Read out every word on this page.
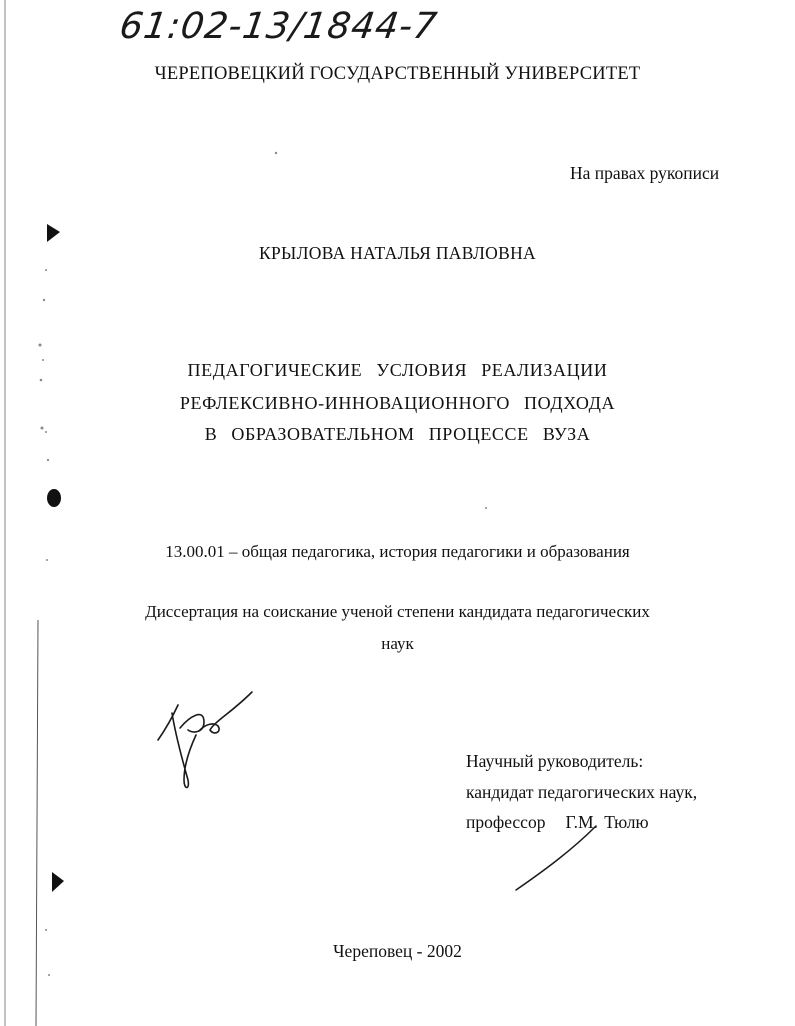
61:02-13/1844-7
ЧЕРЕПОВЕЦКИЙ ГОСУДАРСТВЕННЫЙ УНИВЕРСИТЕТ
На правах рукописи
КРЫЛОВА НАТАЛЬЯ ПАВЛОВНА
ПЕДАГОГИЧЕСКИЕ УСЛОВИЯ РЕАЛИЗАЦИИ
РЕФЛЕКСИВНО-ИННОВАЦИОННОГО ПОДХОДА
В ОБРАЗОВАТЕЛЬНОМ ПРОЦЕССЕ ВУЗА
13.00.01 – общая педагогика, история педагогики и образования
Диссертация на соискание ученой степени кандидата педагогических
наук
Научный руководитель:
кандидат педагогических наук,
профессор Г.М. Тюлю
Череповец - 2002
